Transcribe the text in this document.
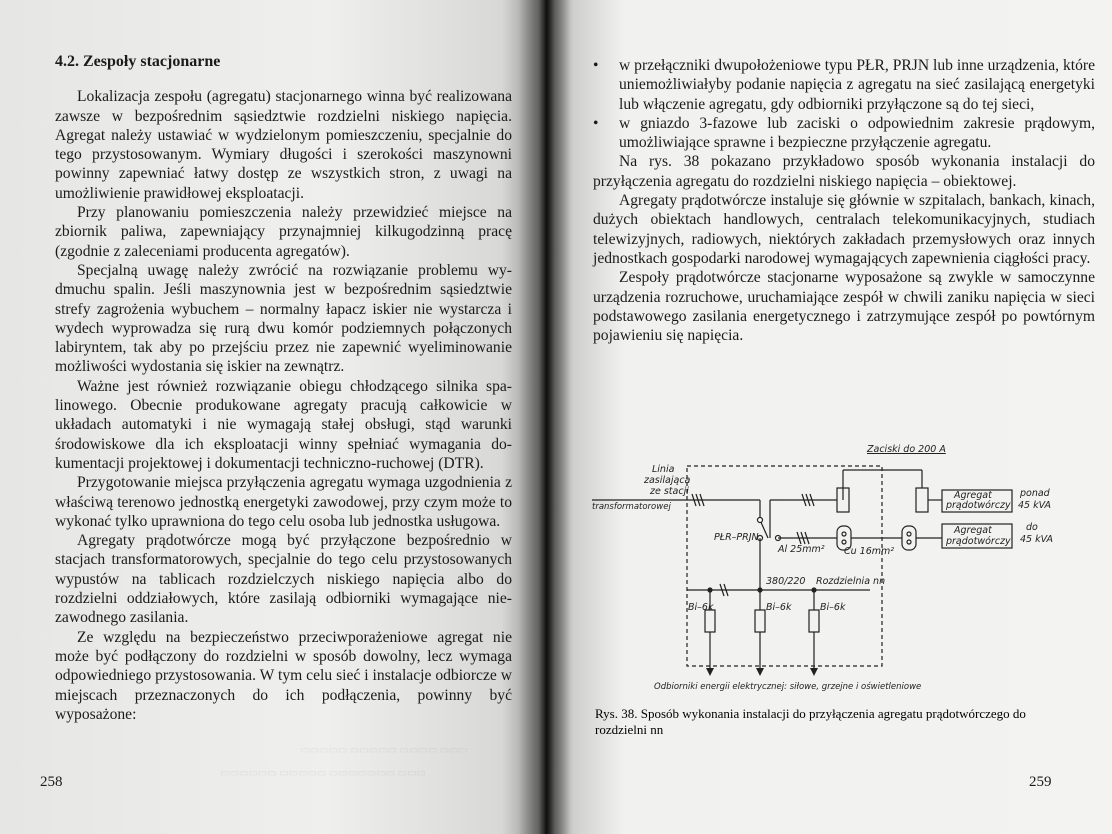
▭▭▭▭▭ ▭▭▭▭▭ ▭▭▭▭ ▭▭▭
▭▭▭▭▭▭ ▭▭▭▭▭ ▭▭▭▭▭▭▭ ▭▭▭
4.2. Zespoły stacjonarne

Lokalizacja zespołu (agregatu) stacjonarnego winna być realizowana zawsze w bezpośrednim sąsiedztwie rozdzielni niskiego napięcia. Agregat należy ustawiać w wydzielonym pomieszczeniu, specjalnie do tego przystosowanym. Wymiary długości i szerokości maszynowni powinny zapewniać łatwy dostęp ze wszystkich stron, z uwagi na umożliwienie prawidłowej eksploatacji.

Przy planowaniu pomieszczenia należy przewidzieć miejsce na zbiornik paliwa, zapewniający przynajmniej kilkugodzinną pracę (zgodnie z zaleceniami producenta agregatów).

Specjalną uwagę należy zwrócić na rozwiązanie problemu wydmuchu spalin. Jeśli maszynownia jest w bezpośrednim sąsiedztwie strefy zagrożenia wybuchem – normalny łapacz iskier nie wystarcza i wydech wyprowadza się rurą dwu komór podziemnych połączonych labiryntem, tak aby po przejściu przez nie zapewnić wyeliminowanie możliwości wydostania się iskier na zewnątrz.

Ważne jest również rozwiązanie obiegu chłodzącego silnika spalinowego. Obecnie produkowane agregaty pracują całkowicie w układach automatyki i nie wymagają stałej obsługi, stąd warunki środowiskowe dla ich eksploatacji winny spełniać wymagania dokumentacji projektowej i dokumentacji techniczno-ruchowej (DTR).

Przygotowanie miejsca przyłączenia agregatu wymaga uzgodnienia z właściwą terenowo jednostką energetyki zawodowej, przy czym może to wykonać tylko uprawniona do tego celu osoba lub jednostka usługowa.

Agregaty prądotwórcze mogą być przyłączone bezpośrednio w stacjach transformatorowych, specjalnie do tego celu przystosowanych wypustów na tablicach rozdzielczych niskiego napięcia albo do rozdzielni oddziałowych, które zasilają odbiorniki wymagające niezawodnego zasilania.

Ze względu na bezpieczeństwo przeciwporażeniowe agregat nie może być podłączony do rozdzielni w sposób dowolny, lecz wymaga odpowiedniego przystosowania. W tym celu sieć i instalacje odbiorcze w miejscach przeznaczonych do ich podłączenia, powinny być wyposażone:

258
• w przełączniki dwupołożeniowe typu PŁR, PRJN lub inne urządzenia, które uniemożliwiałyby podanie napięcia z agregatu na sieć zasilającą energetyki lub włączenie agregatu, gdy odbiorniki przyłączone są do tej sieci,
• w gniazdo 3-fazowe lub zaciski o odpowiednim zakresie prądowym, umożliwiające sprawne i bezpieczne przyłączenie agregatu.

Na rys. 38 pokazano przykładowo sposób wykonania instalacji do przyłączenia agregatu do rozdzielni niskiego napięcia – obiektowej.

Agregaty prądotwórcze instaluje się głównie w szpitalach, bankach, kinach, dużych obiektach handlowych, centralach telekomunikacyjnych, studiach telewizyjnych, radiowych, niektórych zakładach przemysłowych oraz innych jednostkach gospodarki narodowej wymagających zapewnienia ciągłości pracy.

Zespoły prądotwórcze stacjonarne wyposażone są zwykle w samoczynne urządzenia rozruchowe, uruchamiające zespół w chwili zaniku napięcia w sieci podstawowego zasilania energetycznego i zatrzymujące zespół po powtórnym pojawieniu się napięcia.

259
Zaciski do 200 A
Linia
zasilająca
ze stacji
transformatorowej
Agregat
prądotwórczy
ponad
45 kVA
Agregat
prądotwórczy
do
45 kVA
PŁR–PRJN
Al 25mm² Cu 16mm²
380/220 Rozdzielnia nn
Bi–6k	Bi–6k	Bi–6k
Odbiorniki energii elektrycznej: siłowe, grzejne i oświetleniowe
Rys. 38. Sposób wykonania instalacji do przyłączenia agregatu prądotwórczego do rozdzielni nn
